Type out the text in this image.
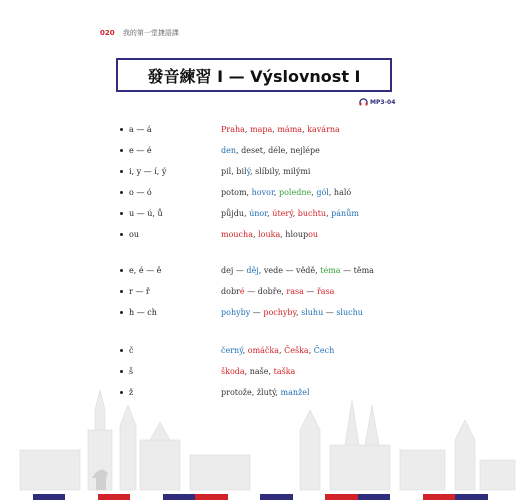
020 我的第一堂捷語課
發音練習 I — Výslovnost I
MP3-04
a — á	Praha, mapa, máma, kavárna
e — é	den, deset, déle, nejlépe
i, y — í, ý	pil, bilý, slíbily, milými
o — ó	potom, hovor, poledne, gól, haló
u — ú, ů	půjdu, únor, úterý, buchtu, pánům
ou	moucha, louka, hloupou
e, é — ě	dej — děj, vede — vědě, téma — těma
r — ř	dobré — dobře, rasa — řasa
h — ch	pohyby — pochyby, sluhu — sluchu
č	černý, omáčka, Češka, Čech
š	škoda, naše, taška
ž	protože, žlutý, manžel
